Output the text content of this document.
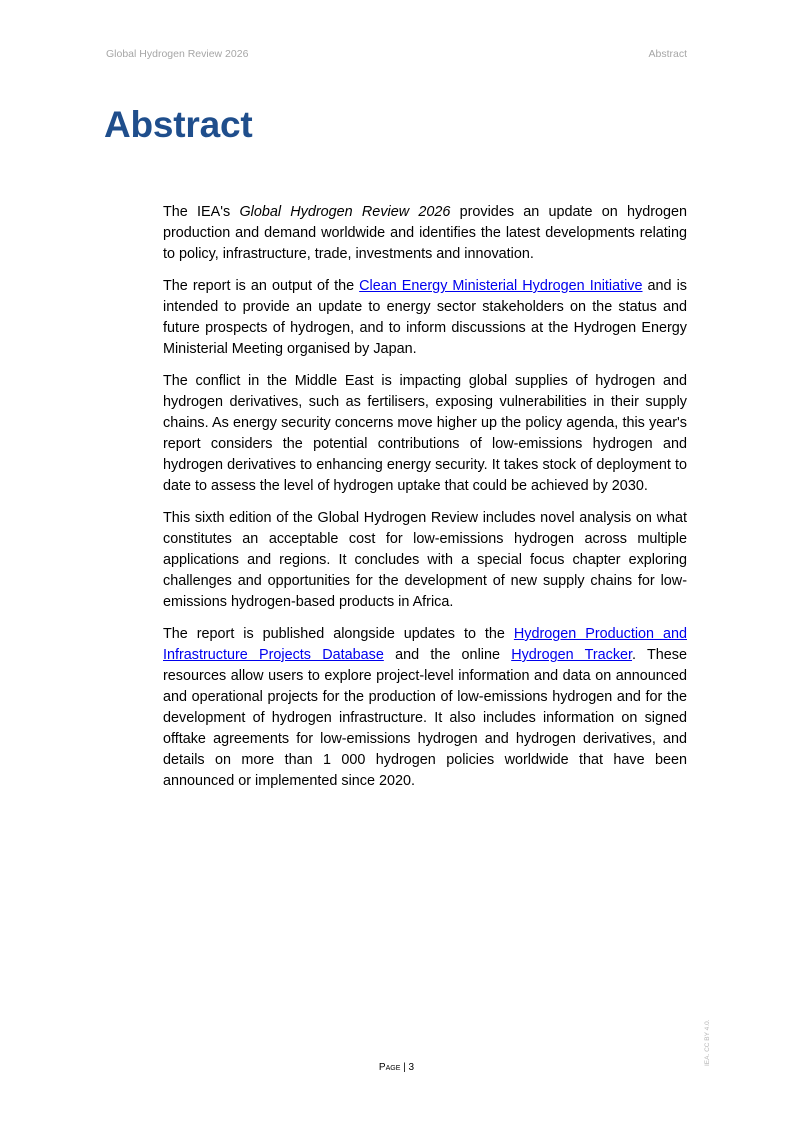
Global Hydrogen Review 2026	Abstract
Abstract

The IEA's Global Hydrogen Review 2026 provides an update on hydrogen production and demand worldwide and identifies the latest developments relating to policy, infrastructure, trade, investments and innovation.

The report is an output of the Clean Energy Ministerial Hydrogen Initiative and is intended to provide an update to energy sector stakeholders on the status and future prospects of hydrogen, and to inform discussions at the Hydrogen Energy Ministerial Meeting organised by Japan.

The conflict in the Middle East is impacting global supplies of hydrogen and hydrogen derivatives, such as fertilisers, exposing vulnerabilities in their supply chains. As energy security concerns move higher up the policy agenda, this year's report considers the potential contributions of low-emissions hydrogen and hydrogen derivatives to enhancing energy security. It takes stock of deployment to date to assess the level of hydrogen uptake that could be achieved by 2030.

This sixth edition of the Global Hydrogen Review includes novel analysis on what constitutes an acceptable cost for low-emissions hydrogen across multiple applications and regions. It concludes with a special focus chapter exploring challenges and opportunities for the development of new supply chains for low-emissions hydrogen-based products in Africa.

The report is published alongside updates to the Hydrogen Production and Infrastructure Projects Database and the online Hydrogen Tracker. These resources allow users to explore project-level information and data on announced and operational projects for the production of low-emissions hydrogen and for the development of hydrogen infrastructure. It also includes information on signed offtake agreements for low-emissions hydrogen and hydrogen derivatives, and details on more than 1 000 hydrogen policies worldwide that have been announced or implemented since 2020.

IEA. CC BY 4.0.
Page | 3
